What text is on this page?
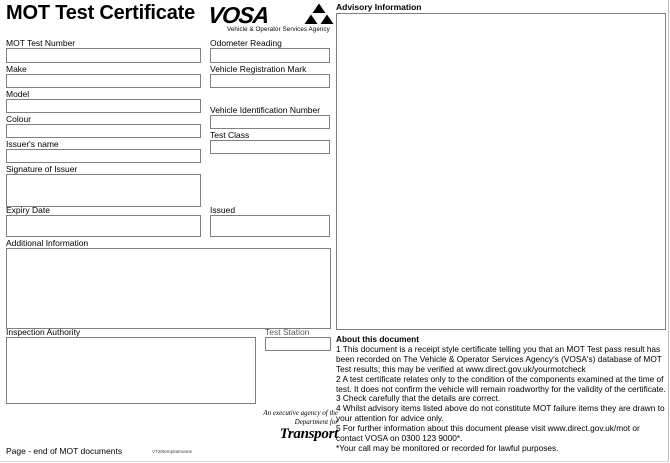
MOT Test Certificate VOSA
Vehicle & Operator Services Agency
MOT Test Number
Make
Model
Colour
Issuer's name
Signature of Issuer
Expiry Date
Additional Information
Inspection Authority
Odometer Reading
Vehicle Registration Mark
Vehicle Identification Number
Test Class
Issued
Test Station
Advisory Information
About this document

1 This document is a receipt style certificate telling you that an MOT Test pass result has been recorded on The Vehicle & Operator Services Agency's (VOSA's) database of MOT Test results; this may be verified at www.direct.gov.uk/yourmotcheck

2 A test certificate relates only to the condition of the components examined at the time of test. It does not confirm the vehicle will remain roadworthy for the validity of the certificate.

3 Check carefully that the details are correct.

4 Whilst advisory items listed above do not constitute MOT failure items they are drawn to your attention for advice only.

5 For further information about this document please visit www.direct.gov.uk/mot or contact VOSA on 0300 123 9000*.

*Your call may be monitored or recorded for lawful purposes.

An executive agency of the
Department for
Transport
Page - end of MOT documents	VT20templatename
